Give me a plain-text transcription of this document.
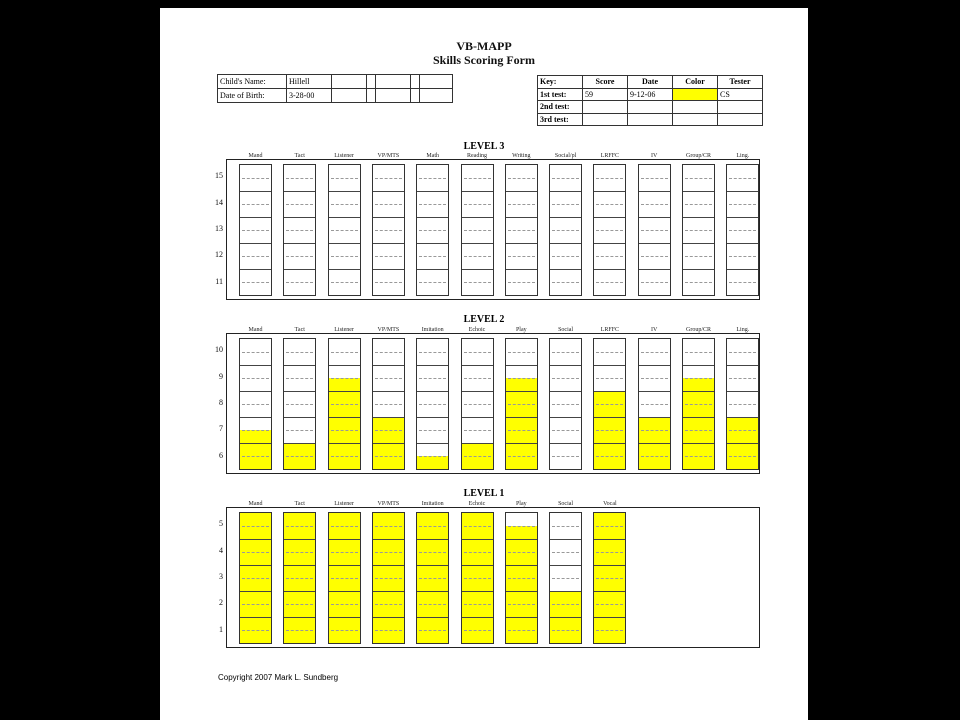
VB-MAPP
Skills Scoring Form
Child's Name:	Hillell					
Date of Birth:	3-28-00					
Key:	Score	Date	Color	Tester
1st test:	59	9-12-06		CS
2nd test:				
3rd test:				
LEVEL 3
Mand	Tact	Listener	VP/MTS	Math	Reading	Writing	Social/pl	LRFFC	IV	Group/CR	Ling.
11
12
13
14
15
LEVEL 2
Mand	Tact	Listener	VP/MTS	Imitation	Echoic	Play	Social	LRFFC	IV	Group/CR	Ling.
6
7
8
9
10
LEVEL 1
Mand	Tact	Listener	VP/MTS	Imitation	Echoic	Play	Social	Vocal
1
2
3
4
5
Copyright 2007 Mark L. Sundberg
